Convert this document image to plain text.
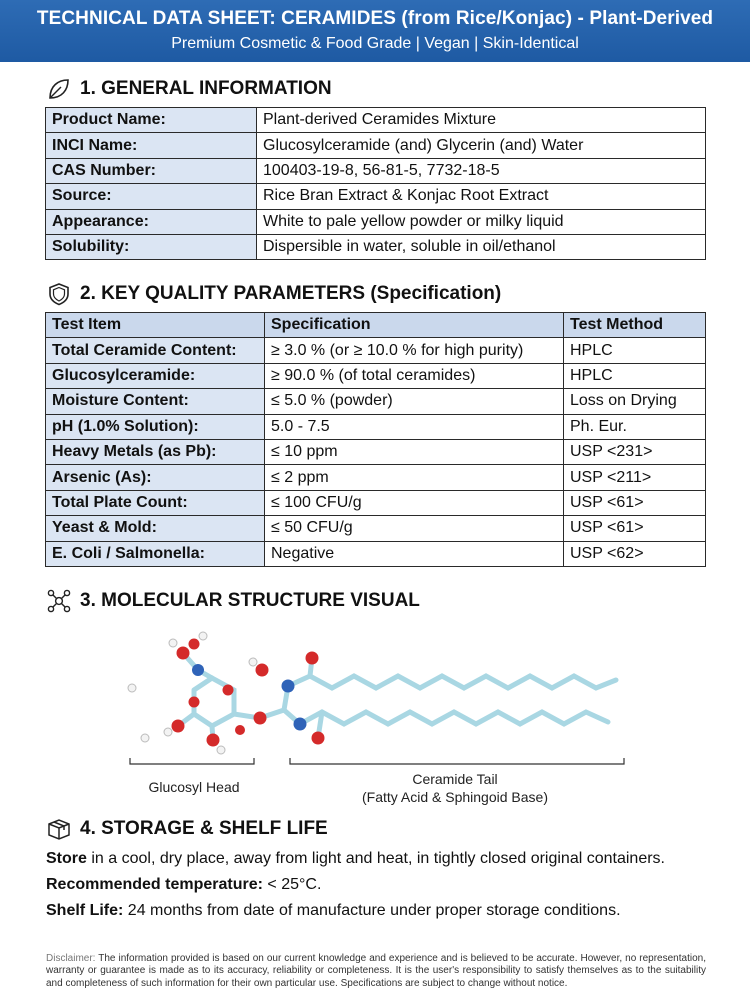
TECHNICAL DATA SHEET: CERAMIDES (from Rice/Konjac) - Plant-Derived
Premium Cosmetic & Food Grade | Vegan | Skin-Identical
1. GENERAL INFORMATION
Product Name:	Plant-derived Ceramides Mixture
INCI Name:	Glucosylceramide (and) Glycerin (and) Water
CAS Number:	100403-19-8, 56-81-5, 7732-18-5
Source:	Rice Bran Extract & Konjac Root Extract
Appearance:	White to pale yellow powder or milky liquid
Solubility:	Dispersible in water, soluble in oil/ethanol
2. KEY QUALITY PARAMETERS (Specification)
Test Item	Specification	Test Method
Total Ceramide Content:	≥ 3.0 % (or ≥ 10.0 % for high purity)	HPLC
Glucosylceramide:	≥ 90.0 % (of total ceramides)	HPLC
Moisture Content:	≤ 5.0 % (powder)	Loss on Drying
pH (1.0% Solution):	5.0 - 7.5	Ph. Eur.
Heavy Metals (as Pb):	≤ 10 ppm	USP <231>
Arsenic (As):	≤ 2 ppm	USP <211>
Total Plate Count:	≤ 100 CFU/g	USP <61>
Yeast & Mold:	≤ 50 CFU/g	USP <61>
E. Coli / Salmonella:	Negative	USP <62>
3. MOLECULAR STRUCTURE VISUAL
Glucosyl Head	Ceramide Tail
(Fatty Acid & Sphingoid Base)
4. STORAGE & SHELF LIFE
Store in a cool, dry place, away from light and heat, in tightly closed original containers.
Recommended temperature: < 25°C.
Shelf Life: 24 months from date of manufacture under proper storage conditions.
Disclaimer: The information provided is based on our current knowledge and experience and is believed to be accurate. However, no representation, warranty or guarantee is made as to its accuracy, reliability or completeness. It is the user's responsibility to satisfy themselves as to the suitability and completeness of such information for their own particular use. Specifications are subject to change without notice.
